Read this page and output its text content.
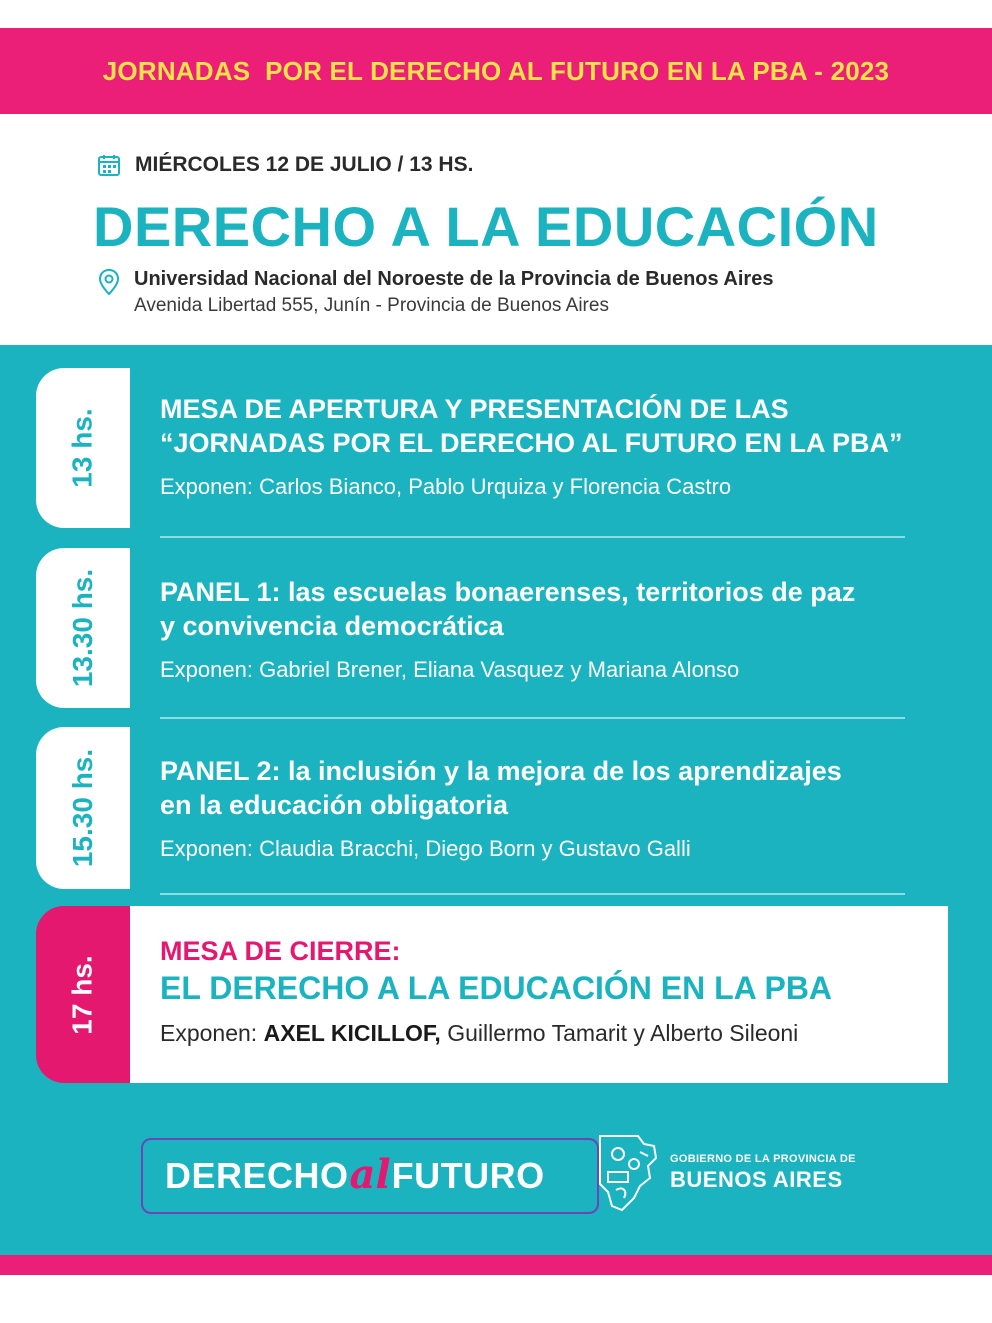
JORNADAS  POR EL DERECHO AL FUTURO EN LA PBA - 2023
MIÉRCOLES 12 DE JULIO / 13 HS.
DERECHO A LA EDUCACIÓN
Universidad Nacional del Noroeste de la Provincia de Buenos Aires
Avenida Libertad 555, Junín - Provincia de Buenos Aires
13 hs. MESA DE APERTURA Y PRESENTACIÓN DE LAS
“JORNADAS POR EL DERECHO AL FUTURO EN LA PBA”
Exponen: Carlos Bianco, Pablo Urquiza y Florencia Castro
13.30 hs. PANEL 1: las escuelas bonaerenses, territorios de paz
y convivencia democrática
Exponen: Gabriel Brener, Eliana Vasquez y Mariana Alonso
15.30 hs. PANEL 2: la inclusión y la mejora de los aprendizajes
en la educación obligatoria
Exponen: Claudia Bracchi, Diego Born y Gustavo Galli
17 hs.
MESA DE CIERRE:
EL DERECHO A LA EDUCACIÓN EN LA PBA
Exponen: AXEL KICILLOF, Guillermo Tamarit y Alberto Sileoni
DERECHO al FUTURO	GOBIERNO DE LA PROVINCIA DE
BUENOS AIRES
